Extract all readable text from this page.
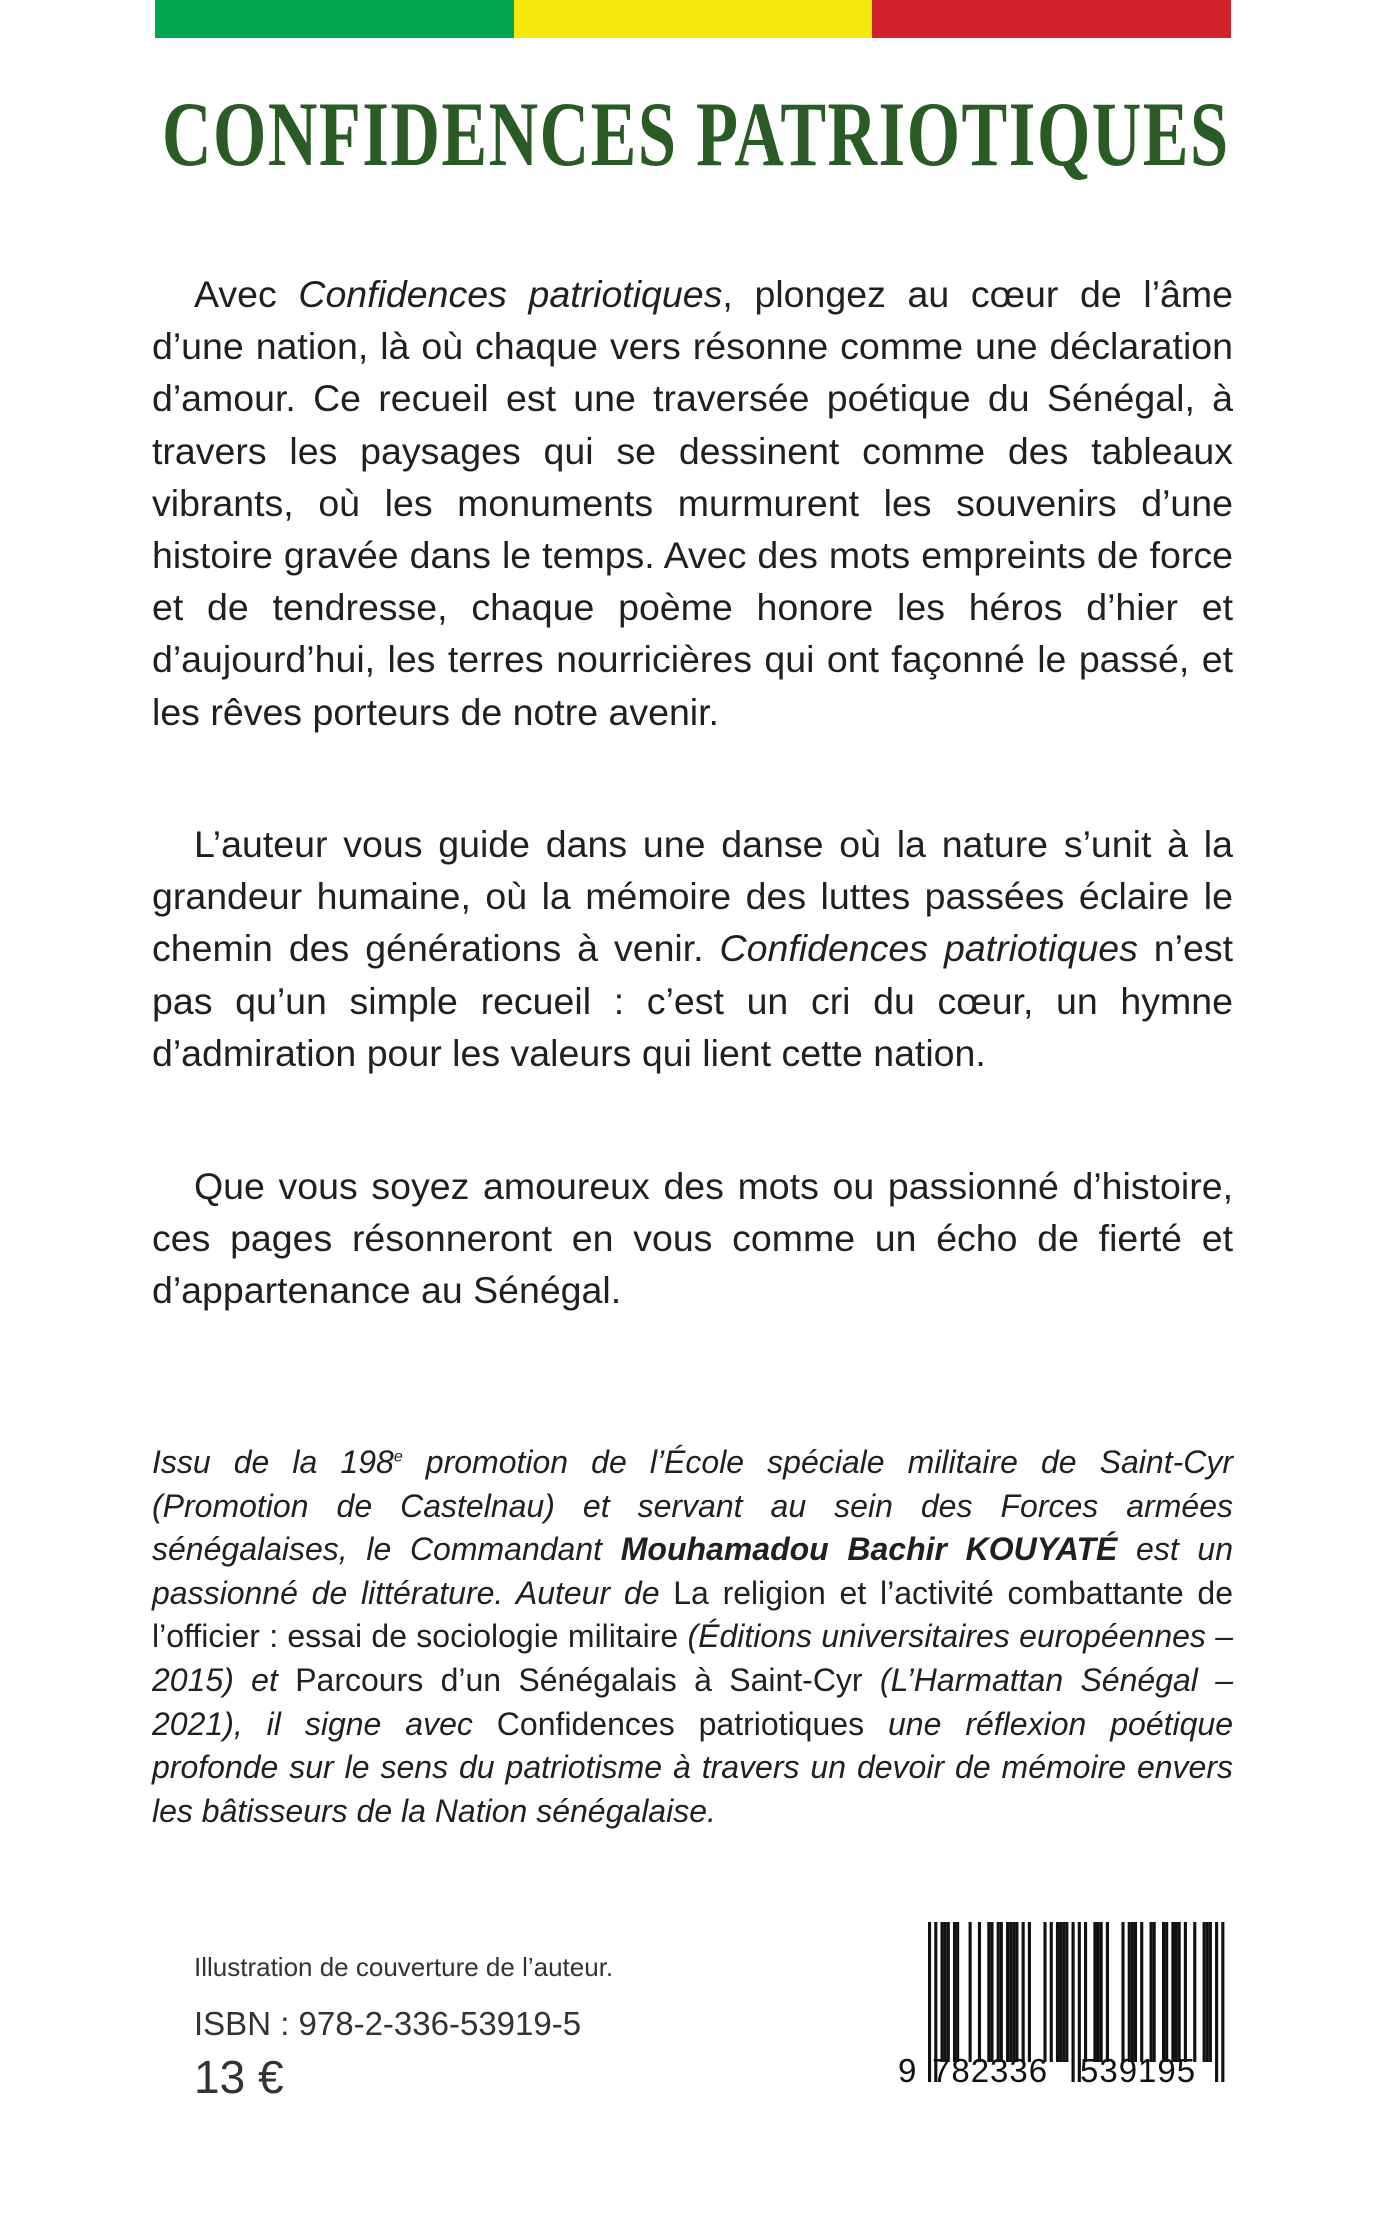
CONFIDENCES PATRIOTIQUES

Avec Confidences patriotiques, plongez au cœur de l’âme d’une nation, là où chaque vers résonne comme une déclaration d’amour. Ce recueil est une traversée poétique du Sénégal, à travers les paysages qui se dessinent comme des tableaux vibrants, où les monuments murmurent les souvenirs d’une histoire gravée dans le temps. Avec des mots empreints de force et de tendresse, chaque poème honore les héros d’hier et d’aujourd’hui, les terres nourricières qui ont façonné le passé, et les rêves porteurs de notre avenir.

L’auteur vous guide dans une danse où la nature s’unit à la grandeur humaine, où la mémoire des luttes passées éclaire le chemin des générations à venir. Confidences patriotiques n’est pas qu’un simple recueil : c’est un cri du cœur, un hymne d’admiration pour les valeurs qui lient cette nation.

Que vous soyez amoureux des mots ou passionné d’histoire, ces pages résonneront en vous comme un écho de fierté et d’appartenance au Sénégal.

Issu de la 198e promotion de l’École spéciale militaire de Saint-Cyr (Promotion de Castelnau) et servant au sein des Forces armées sénégalaises, le Commandant Mouhamadou Bachir KOUYATÉ est un passionné de littérature. Auteur de La religion et l’activité combattante de l’officier : essai de sociologie militaire (Éditions universitaires européennes – 2015) et Parcours d’un Sénégalais à Saint-Cyr (L’Harmattan Sénégal – 2021), il signe avec Confidences patriotiques une réflexion poétique profonde sur le sens du patriotisme à travers un devoir de mémoire envers les bâtisseurs de la Nation sénégalaise.

Illustration de couverture de l’auteur.
ISBN : 978-2-336-53919-5
13 €	9 782336 539195
